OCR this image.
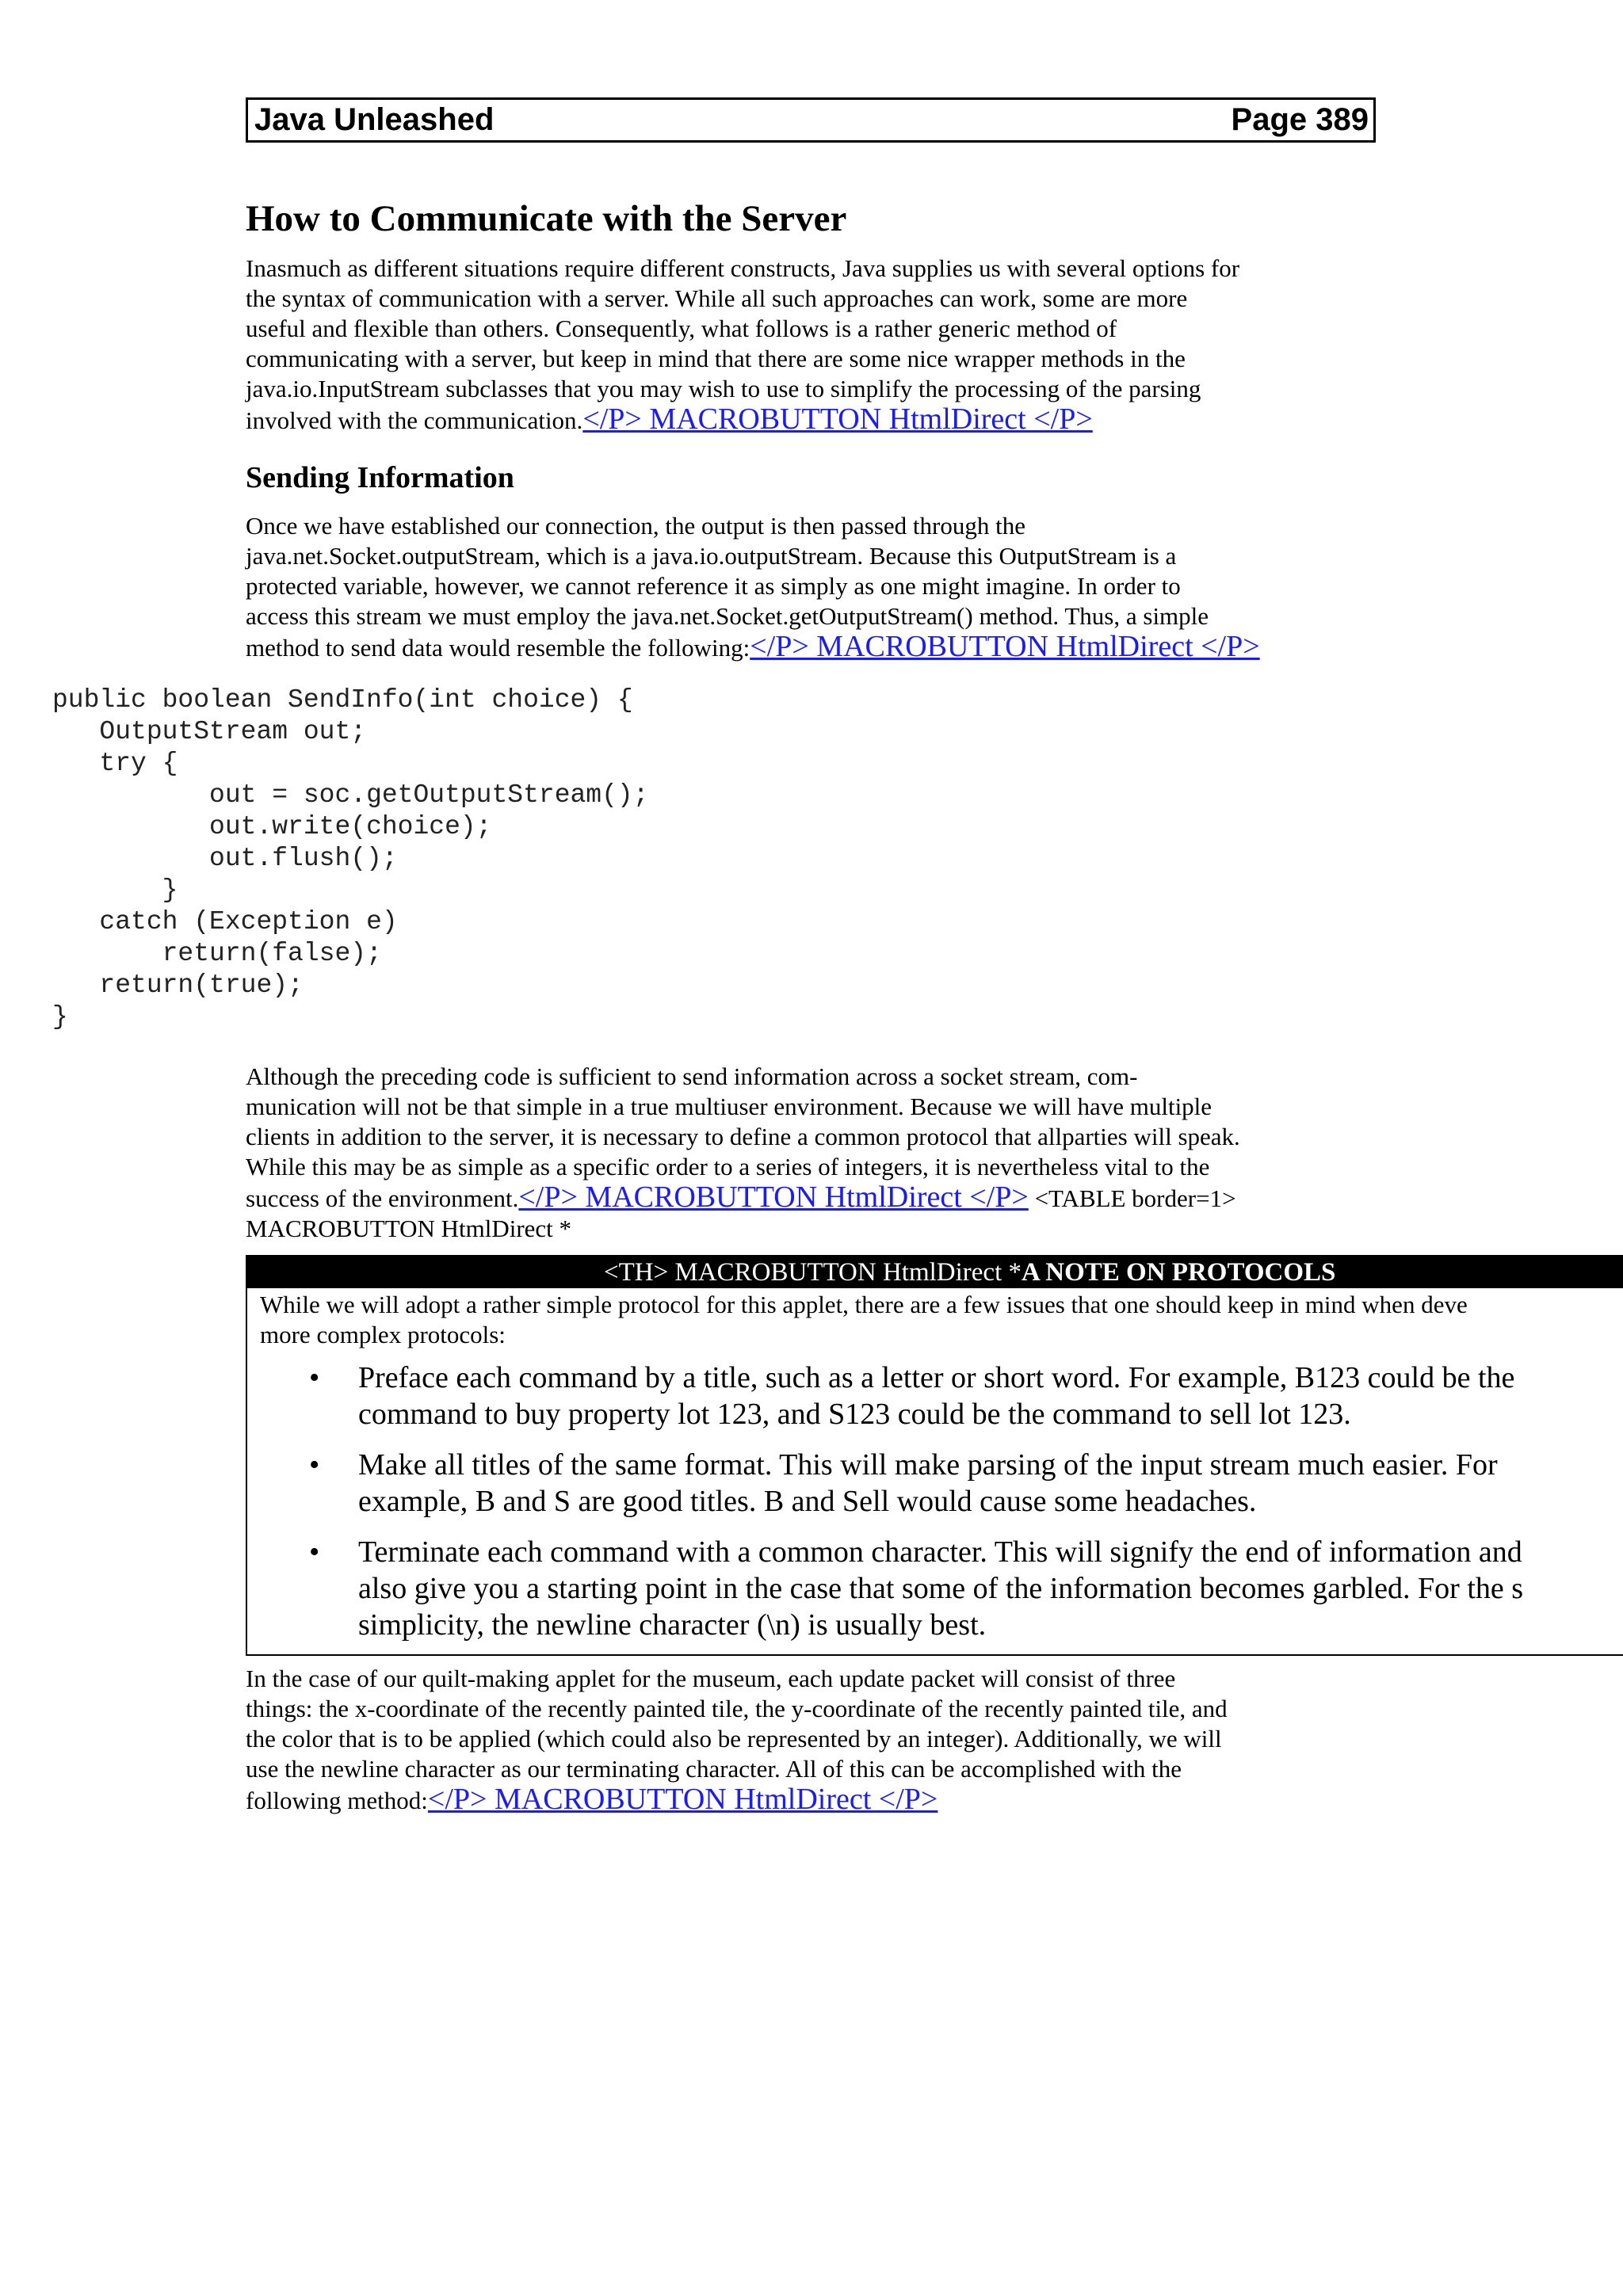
Java Unleashed	Page 389
How to Communicate with the Server
Inasmuch as different situations require different constructs, Java supplies us with several options for
the syntax of communication with a server. While all such approaches can work, some are more
useful and flexible than others. Consequently, what follows is a rather generic method of
communicating with a server, but keep in mind that there are some nice wrapper methods in the
java.io.InputStream subclasses that you may wish to use to simplify the processing of the parsing
involved with the communication.</P> MACROBUTTON HtmlDirect </P>
Sending Information
Once we have established our connection, the output is then passed through the
java.net.Socket.outputStream, which is a java.io.outputStream. Because this OutputStream is a
protected variable, however, we cannot reference it as simply as one might imagine. In order to
access this stream we must employ the java.net.Socket.getOutputStream() method. Thus, a simple
method to send data would resemble the following:</P> MACROBUTTON HtmlDirect </P>
public boolean SendInfo(int choice) {
OutputStream out;
try {
out = soc.getOutputStream();
out.write(choice);
out.flush();
}
catch (Exception e)
return(false);
return(true);
}
Although the preceding code is sufficient to send information across a socket stream, com-
munication will not be that simple in a true multiuser environment. Because we will have multiple
clients in addition to the server, it is necessary to define a common protocol that allparties will speak.
While this may be as simple as a specific order to a series of integers, it is nevertheless vital to the
success of the environment.</P> MACROBUTTON HtmlDirect </P> <TABLE border=1>
MACROBUTTON HtmlDirect *
<TH> MACROBUTTON HtmlDirect *A NOTE ON PROTOCOLS
While we will adopt a rather simple protocol for this applet, there are a few issues that one should keep in mind when deve
more complex protocols:
• Preface each command by a title, such as a letter or short word. For example, B123 could be the
command to buy property lot 123, and S123 could be the command to sell lot 123.
• Make all titles of the same format. This will make parsing of the input stream much easier. For
example, B and S are good titles. B and Sell would cause some headaches.
• Terminate each command with a common character. This will signify the end of information and
also give you a starting point in the case that some of the information becomes garbled. For the s
simplicity, the newline character (\n) is usually best.
In the case of our quilt-making applet for the museum, each update packet will consist of three
things: the x-coordinate of the recently painted tile, the y-coordinate of the recently painted tile, and
the color that is to be applied (which could also be represented by an integer). Additionally, we will
use the newline character as our terminating character. All of this can be accomplished with the
following method:</P> MACROBUTTON HtmlDirect </P>
